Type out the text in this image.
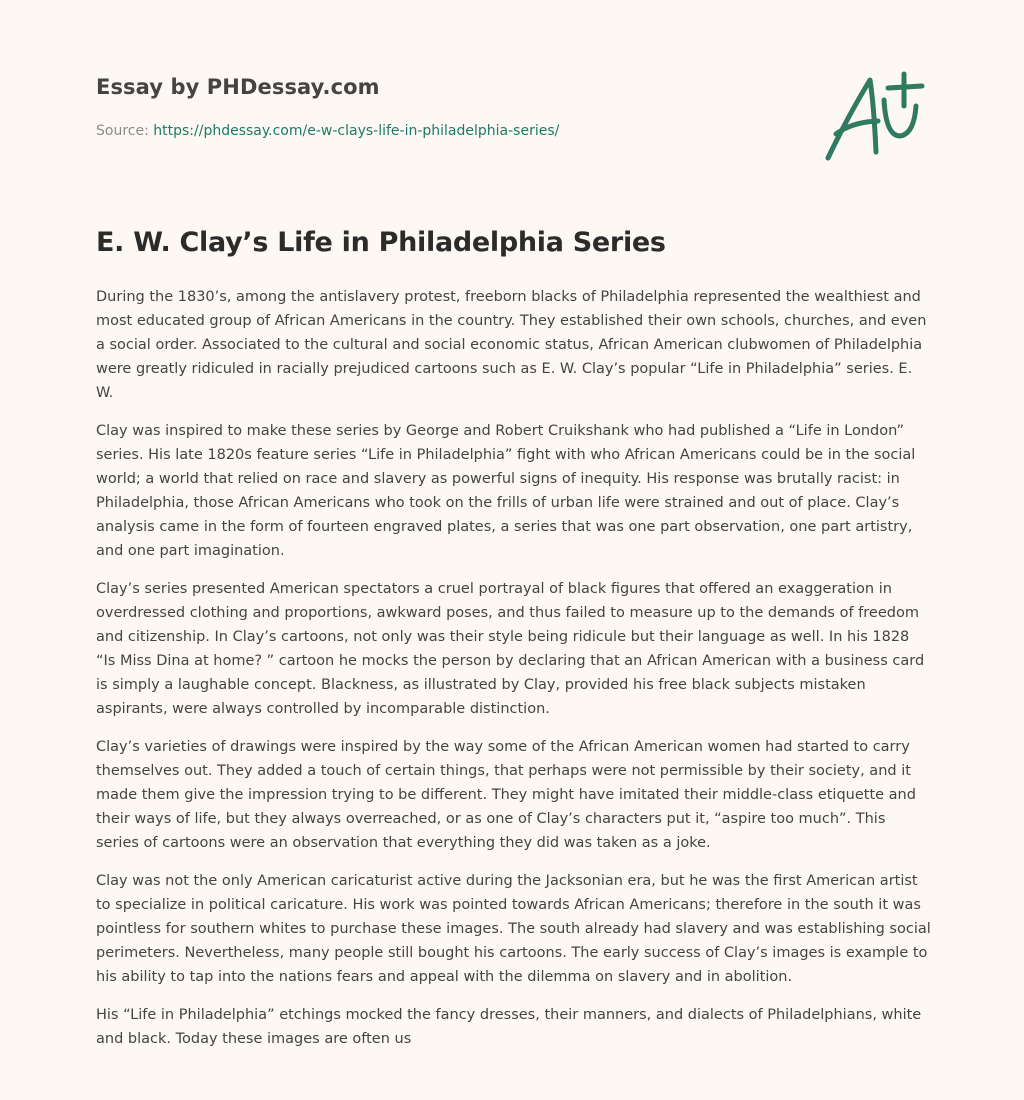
Essay by PHDessay.com
Source: https://phdessay.com/e-w-clays-life-in-philadelphia-series/
E. W. Clay’s Life in Philadelphia Series

During the 1830’s, among the antislavery protest, freeborn blacks of Philadelphia represented the wealthiest and most educated group of African Americans in the country. They established their own schools, churches, and even a social order. Associated to the cultural and social economic status, African American clubwomen of Philadelphia were greatly ridiculed in racially prejudiced cartoons such as E. W. Clay’s popular “Life in Philadelphia” series. E. W.

Clay was inspired to make these series by George and Robert Cruikshank who had published a “Life in London” series. His late 1820s feature series “Life in Philadelphia” fight with who African Americans could be in the social world; a world that relied on race and slavery as powerful signs of inequity. His response was brutally racist: in Philadelphia, those African Americans who took on the frills of urban life were strained and out of place. Clay’s analysis came in the form of fourteen engraved plates, a series that was one part observation, one part artistry, and one part imagination.

Clay’s series presented American spectators a cruel portrayal of black figures that offered an exaggeration in overdressed clothing and proportions, awkward poses, and thus failed to measure up to the demands of freedom and citizenship. In Clay’s cartoons, not only was their style being ridicule but their language as well. In his 1828 “Is Miss Dina at home? ” cartoon he mocks the person by declaring that an African American with a business card is simply a laughable concept. Blackness, as illustrated by Clay, provided his free black subjects mistaken aspirants, were always controlled by incomparable distinction.

Clay’s varieties of drawings were inspired by the way some of the African American women had started to carry themselves out. They added a touch of certain things, that perhaps were not permissible by their society, and it made them give the impression trying to be different. They might have imitated their middle-class etiquette and their ways of life, but they always overreached, or as one of Clay’s characters put it, “aspire too much”. This series of cartoons were an observation that everything they did was taken as a joke.

Clay was not the only American caricaturist active during the Jacksonian era, but he was the first American artist to specialize in political caricature. His work was pointed towards African Americans; therefore in the south it was pointless for southern whites to purchase these images. The south already had slavery and was establishing social perimeters. Nevertheless, many people still bought his cartoons. The early success of Clay’s images is example to his ability to tap into the nations fears and appeal with the dilemma on slavery and in abolition.

His “Life in Philadelphia” etchings mocked the fancy dresses, their manners, and dialects of Philadelphians, white and black. Today these images are often us
